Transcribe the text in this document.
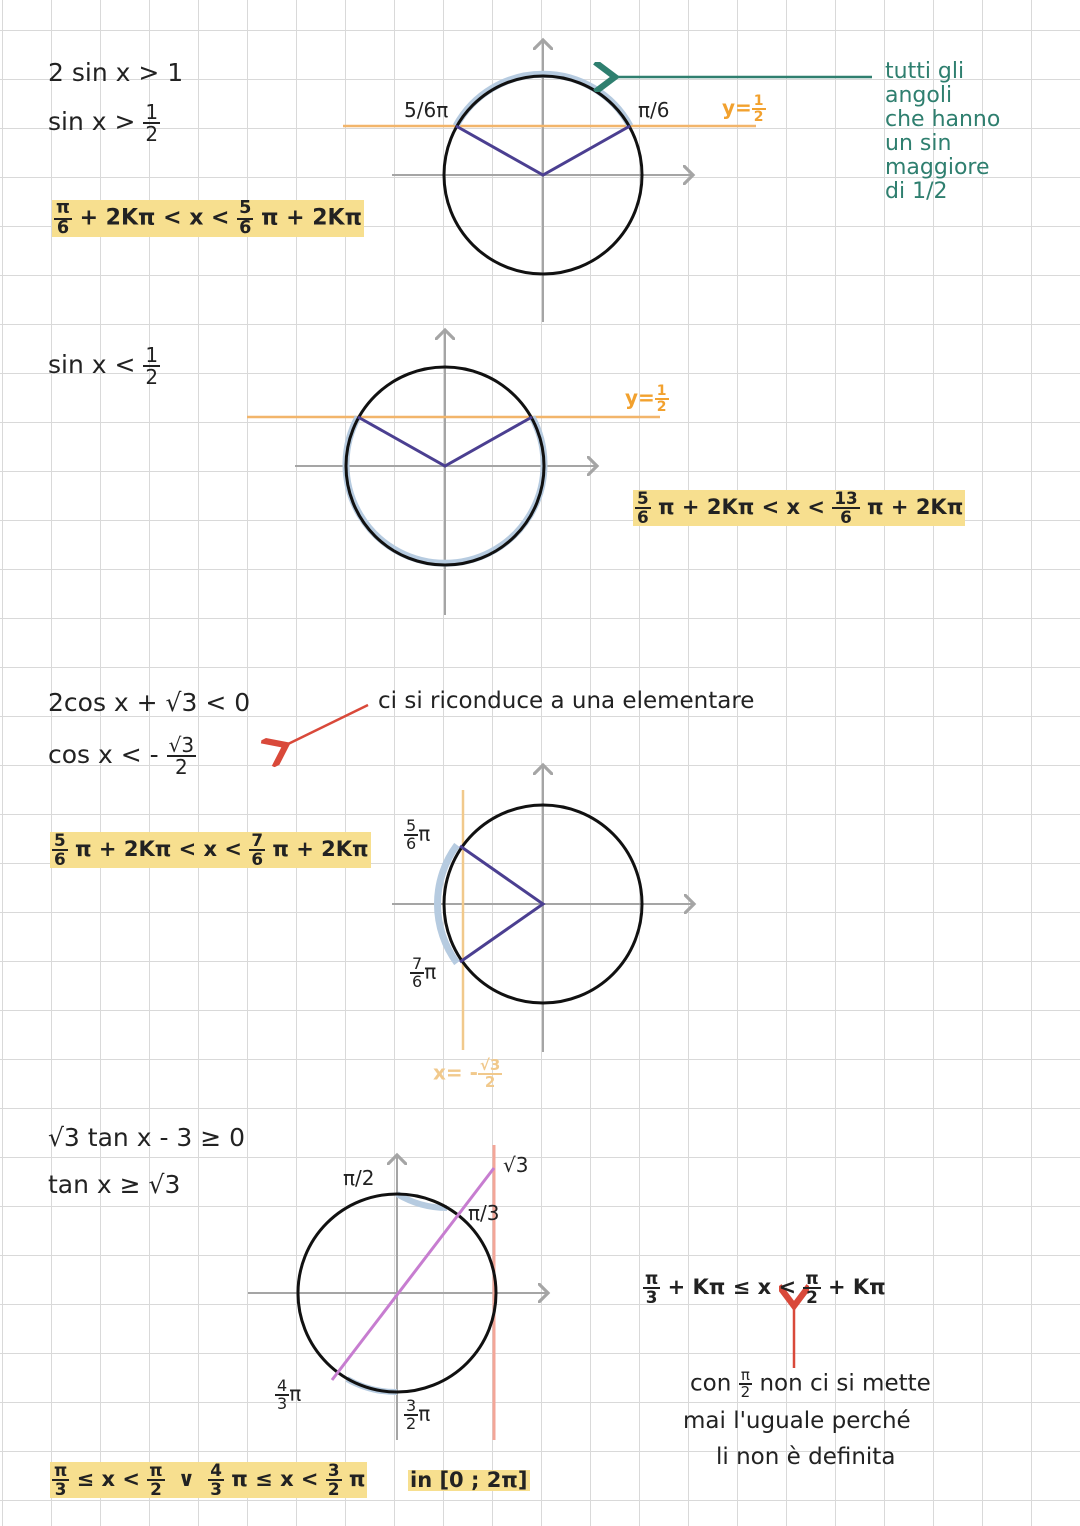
2 sin x > 1
$\sin x > \frac{1}{2}$
$\frac{\pi}{6} + 2K\pi < x < \frac{5}{6}$ π + 2Kπ
5/6π	π/6	$y= \frac{1}{2}$
tutti gli
angoli
che hanno
un sin
maggiore
di 1/2
$\sin x < \frac{1}{2}$
$y= \frac{1}{2}$
$\frac{5}{6}$ $\pi + 2K\pi < x < \frac{13}{6}$ π + 2Kπ
2cos x + √3 < 0
cos x < - $\frac{√3}{2}$
ci si riconduce a una elementare
$\frac{5}{6}$ $\pi + 2K\pi < x < \frac{7}{6}$ $\pi + 2K\pi \frac{5}{6}$ π
$\frac{7}{6}$ π
$x= - \frac{√3}{2}$
√3 tan x - 3 ≥ 0
tan x ≥ √3	π/2
√3
π/3
$\frac{4}{3}$ π
$\frac{3}{2}$ π
$\frac{\pi}{3} + K\pi \le x < \frac{\pi}{2} + K\pi$
con $\frac{\pi}{2}$ non ci si mette
mai l'uguale perché
li non è definita
$\frac{\pi}{3} \le x < \frac{\pi}{2}$ ∨ $\frac{4}{3}$ $\pi \le x < \frac{3}{2}$ π in [0 ; 2π]
